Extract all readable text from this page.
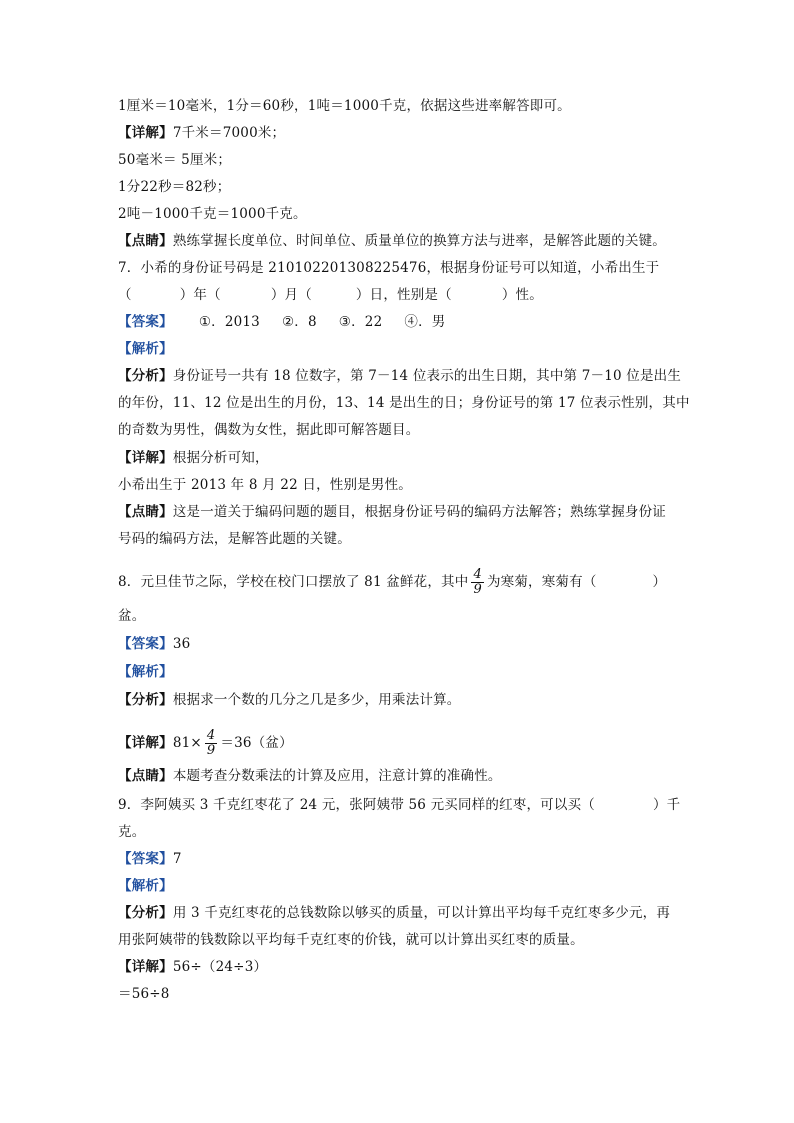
1厘米＝10毫米，1分＝60秒，1吨＝1000千克，依据这些进率解答即可。
【详解】7千米＝7000米；
50毫米＝ 5厘米；
1分22秒＝82秒；
2吨－1000千克＝1000千克。
【点睛】熟练掌握长度单位、时间单位、质量单位的换算方法与进率，是解答此题的关键。
7．小希的身份证号码是 210102201308225476，根据身份证号可以知道，小希出生于
（	）年（	）月（	）日，性别是（	）性。
【答案】 ①．2013 ②．8 ③．22 ④．男
【解析】
【分析】身份证号一共有 18 位数字，第 7－14 位表示的出生日期，其中第 7－10 位是出生
的年份，11、12 位是出生的月份，13、14 是出生的日；身份证号的第 17 位表示性别，其中
的奇数为男性，偶数为女性，据此即可解答题目。
【详解】根据分析可知，
小希出生于 2013 年 8 月 22 日，性别是男性。
【点睛】这是一道关于编码问题的题目，根据身份证号码的编码方法解答；熟练掌握身份证
号码的编码方法，是解答此题的关键。
8．元旦佳节之际，学校在校门口摆放了 81 盆鲜花，其中 $\frac{4}{9}$ 为寒菊，寒菊有（	）
盆。
【答案】36
【解析】
【分析】根据求一个数的几分之几是多少，用乘法计算。
【详解】$81\times \frac{4}{9} =36$（盆）
【点睛】本题考查分数乘法的计算及应用，注意计算的准确性。
9．李阿姨买 3 千克红枣花了 24 元，张阿姨带 56 元买同样的红枣，可以买（	）千
克。
【答案】7
【解析】
【分析】用 3 千克红枣花的总钱数除以够买的质量，可以计算出平均每千克红枣多少元，再
用张阿姨带的钱数除以平均每千克红枣的价钱，就可以计算出买红枣的质量。
【详解】56÷（24÷3）
＝56÷8
